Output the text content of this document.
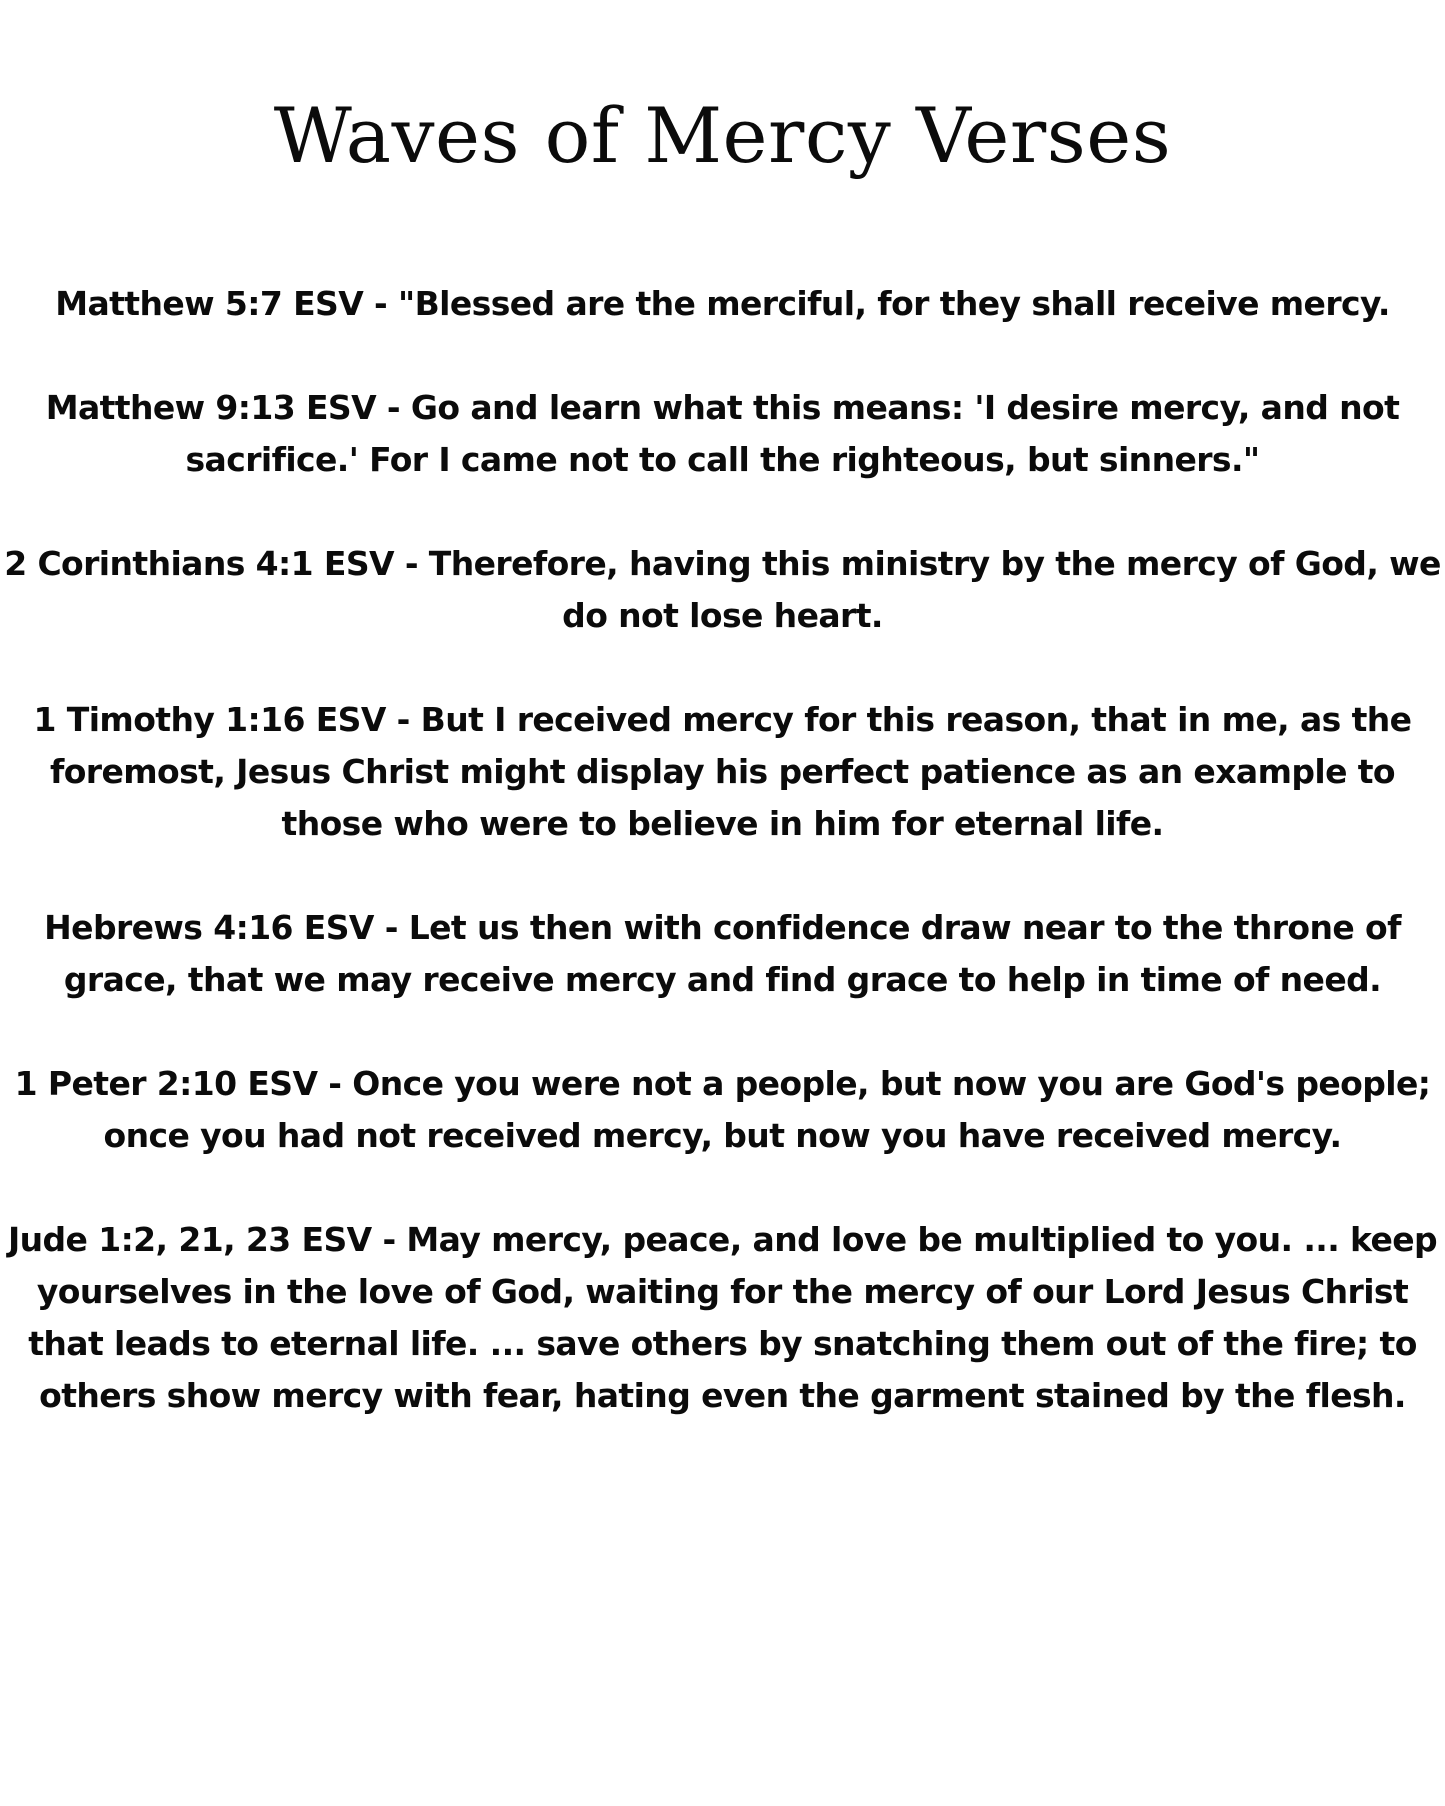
Waves of Mercy Verses

Matthew 5:7 ESV - "Blessed are the merciful, for they shall receive mercy.

Matthew 9:13 ESV - Go and learn what this means: 'I desire mercy, and not sacrifice.' For I came not to call the righteous, but sinners."

2 Corinthians 4:1 ESV - Therefore, having this ministry by the mercy of God, we do not lose heart.

1 Timothy 1:16 ESV - But I received mercy for this reason, that in me, as the foremost, Jesus Christ might display his perfect patience as an example to those who were to believe in him for eternal life.

Hebrews 4:16 ESV - Let us then with confidence draw near to the throne of grace, that we may receive mercy and find grace to help in time of need.

1 Peter 2:10 ESV - Once you were not a people, but now you are God's people; once you had not received mercy, but now you have received mercy.

Jude 1:2, 21, 23 ESV - May mercy, peace, and love be multiplied to you. ... keep yourselves in the love of God, waiting for the mercy of our Lord Jesus Christ that leads to eternal life. ... save others by snatching them out of the fire; to others show mercy with fear, hating even the garment stained by the flesh.
